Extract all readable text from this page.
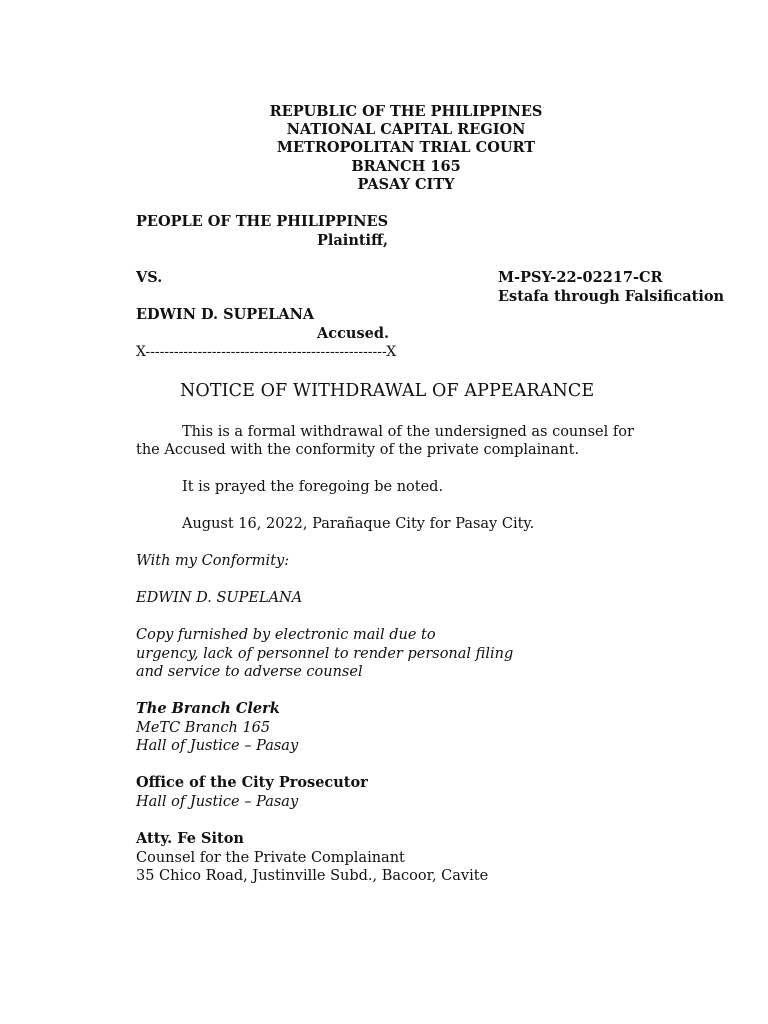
REPUBLIC OF THE PHILIPPINES
NATIONAL CAPITAL REGION
METROPOLITAN TRIAL COURT
BRANCH 165
PASAY CITY
PEOPLE OF THE PHILIPPINES
Plaintiff,
VS.	M-PSY-22-02217-CR
Estafa through Falsification
EDWIN D. SUPELANA
Accused.
X---------------------------------------------------X
NOTICE OF WITHDRAWAL OF APPEARANCE
This is a formal withdrawal of the undersigned as counsel for
the Accused with the conformity of the private complainant.
It is prayed the foregoing be noted.
August 16, 2022, Parañaque City for Pasay City.
With my Conformity:
EDWIN D. SUPELANA
Copy furnished by electronic mail due to
urgency, lack of personnel to render personal filing
and service to adverse counsel
The Branch Clerk
MeTC Branch 165
Hall of Justice – Pasay
Office of the City Prosecutor
Hall of Justice – Pasay
Atty. Fe Siton
Counsel for the Private Complainant
35 Chico Road, Justinville Subd., Bacoor, Cavite
